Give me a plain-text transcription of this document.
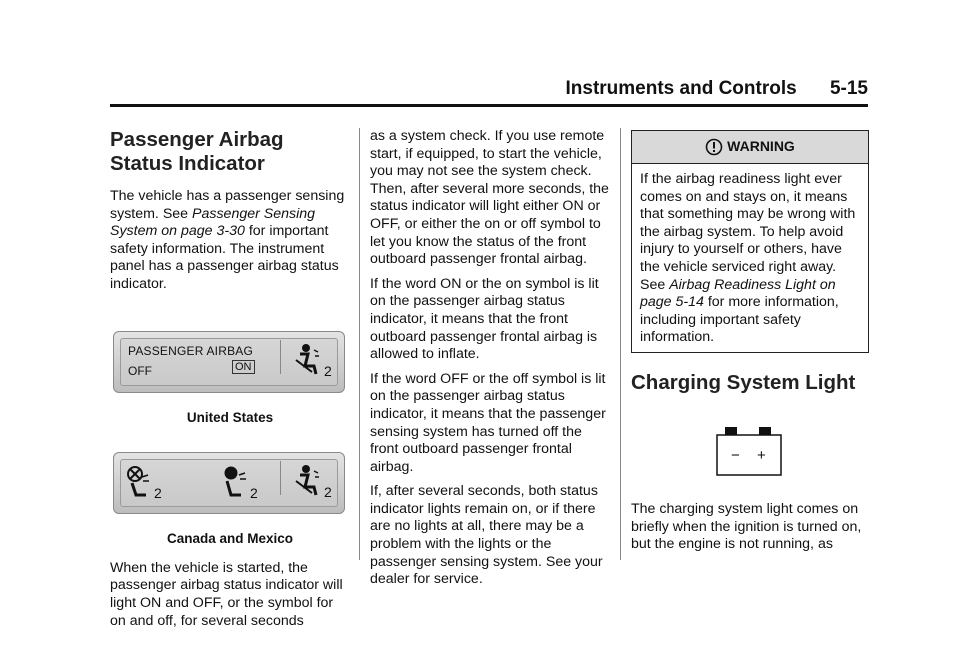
Instruments and Controls 5-15
Passenger Airbag Status Indicator

The vehicle has a passenger sensing system. See Passenger Sensing System on page 3-30 for important safety information. The instrument panel has a passenger airbag status indicator.

PASSENGER AIRBAG
OFF	ON	2
United States
2	2	2
Canada and Mexico

When the vehicle is started, the passenger airbag status indicator will light ON and OFF, or the symbol for on and off, for several seconds

as a system check. If you use remote start, if equipped, to start the vehicle, you may not see the system check. Then, after several more seconds, the status indicator will light either ON or OFF, or either the on or off symbol to let you know the status of the front outboard passenger frontal airbag.

If the word ON or the on symbol is lit on the passenger airbag status indicator, it means that the front outboard passenger frontal airbag is allowed to inflate.

If the word OFF or the off symbol is lit on the passenger airbag status indicator, it means that the passenger sensing system has turned off the front outboard passenger frontal airbag.

If, after several seconds, both status indicator lights remain on, or if there are no lights at all, there may be a problem with the lights or the passenger sensing system. See your dealer for service.

WARNING

If the airbag readiness light ever comes on and stays on, it means that something may be wrong with the airbag system. To help avoid injury to yourself or others, have the vehicle serviced right away. See Airbag Readiness Light on page 5-14 for more information, including important safety information.

Charging System Light
− +

The charging system light comes on briefly when the ignition is turned on, but the engine is not running, as
